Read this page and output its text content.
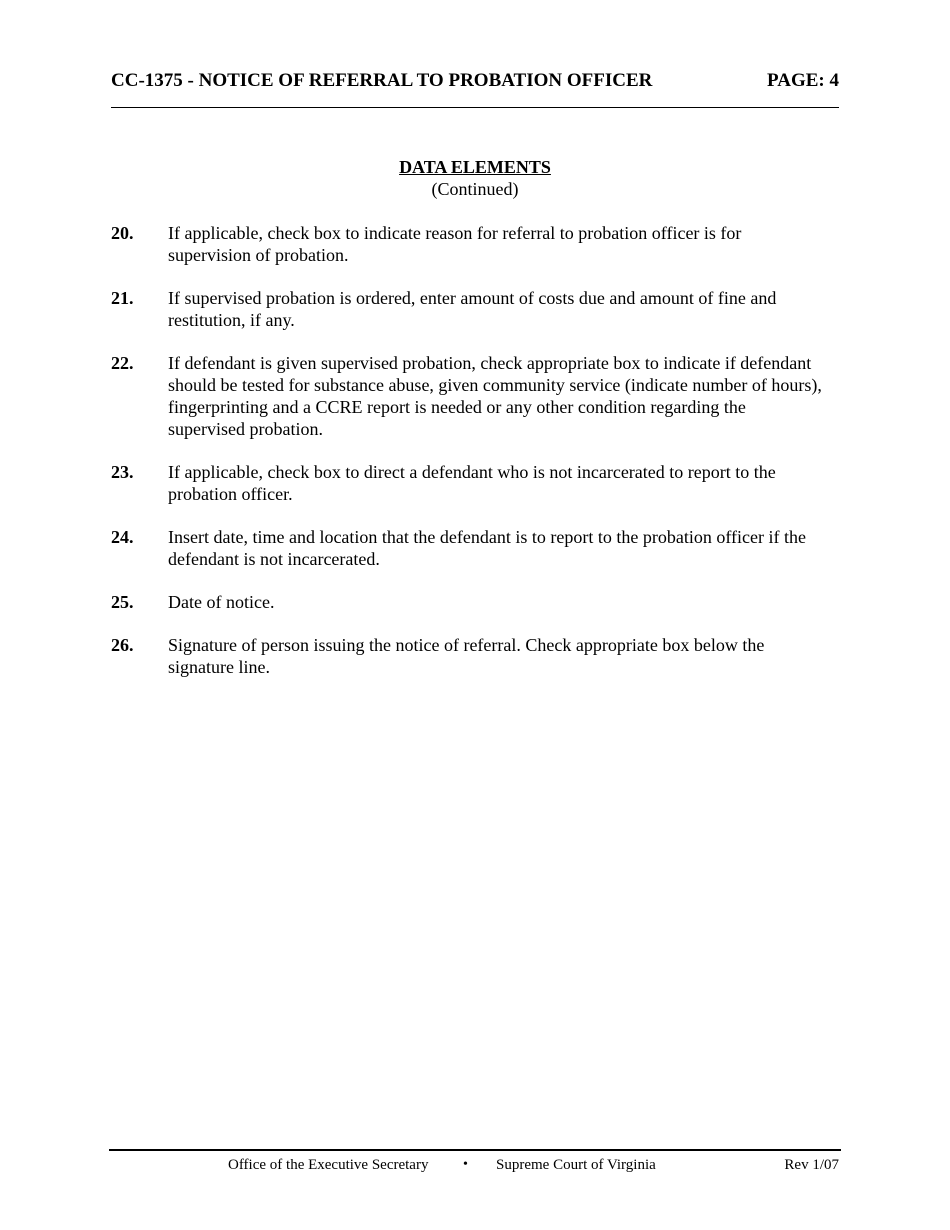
CC-1375 - NOTICE OF REFERRAL TO PROBATION OFFICER	PAGE: 4
DATA ELEMENTS
(Continued)
20.	If applicable, check box to indicate reason for referral to probation officer is for supervision of probation.
21.	If supervised probation is ordered, enter amount of costs due and amount of fine and restitution, if any.
22.	If defendant is given supervised probation, check appropriate box to indicate if defendant should be tested for substance abuse, given community service (indicate number of hours), fingerprinting and a CCRE report is needed or any other condition regarding the supervised probation.
23.	If applicable, check box to direct a defendant who is not incarcerated to report to the probation officer.
24.	Insert date, time and location that the defendant is to report to the probation officer if the defendant is not incarcerated.
25.	Date of notice.
26.	Signature of person issuing the notice of referral. Check appropriate box below the signature line.
Office of the Executive Secretary • Supreme Court of Virginia	Rev 1/07
